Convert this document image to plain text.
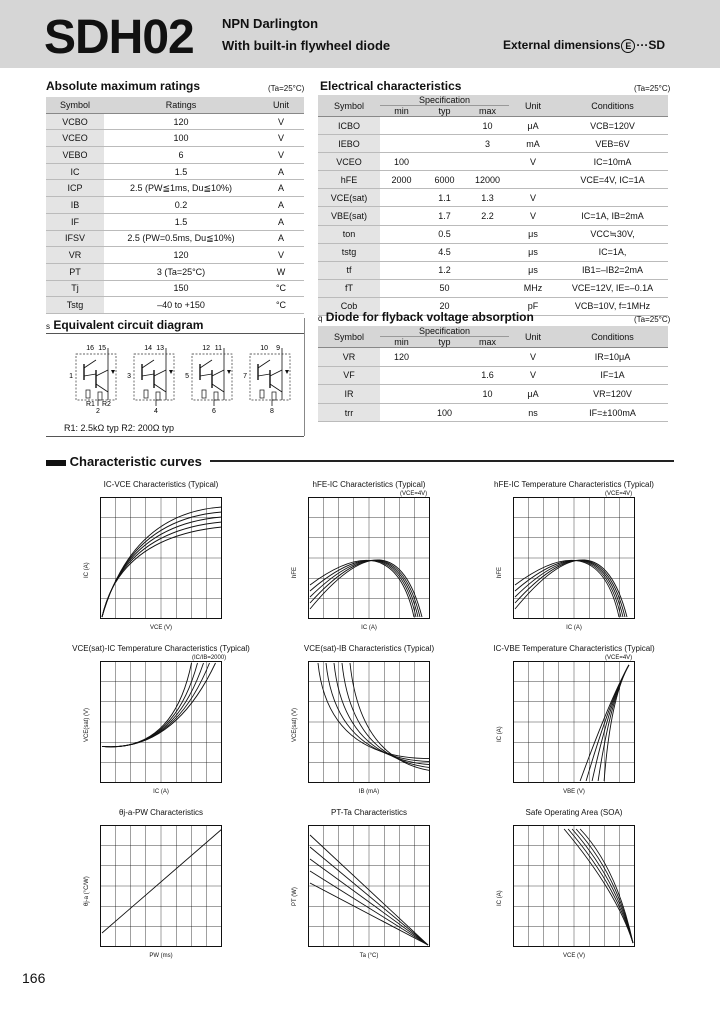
SDH02 NPN Darlington
With built-in flywheel diode	External dimensions E ···SD
Absolute maximum ratings	(Ta=25°C)
Symbol	Ratings	Unit
VCBO	120	V
VCEO	100	V
VEBO	6	V
IC	1.5	A
ICP	2.5 (PW≦1ms, Du≦10%)	A
IB	0.2	A
IF	1.5	A
IFSV	2.5 (PW=0.5ms, Du≦10%)	A
VR	120	V
PT	3 (Ta=25°C)	W
Tj	150	°C
Tstg	–40 to +150	°C
Electrical characteristics	(Ta=25°C)
Symbol	Specification			Unit	Conditions
	min	typ	max		
ICBO			10	μA	VCB=120V
IEBO			3	mA	VEB=6V
VCEO	100			V	IC=10mA
hFE	2000	6000	12000		VCE=4V, IC=1A
VCE(sat)		1.1	1.3	V	
VBE(sat)		1.7	2.2	V	IC=1A, IB=2mA
ton		0.5		μs	VCC≒30V,
tstg		4.5		μs	IC=1A,
tf		1.2		μs	IB1=–IB2=2mA
fT		50		MHz	VCE=12V, IE=–0.1A
Cob		20		pF	VCB=10V, f=1MHz
q Diode for flyback voltage absorption	(Ta=25°C)
Symbol	Specification			Unit	Conditions
	min	typ	max		
VR	120			V	IR=10μA
VF			1.6	V	IF=1A
IR			10	μA	VR=120V
trr		100		ns	IF=±100mA
s Equivalent circuit diagram
16 15
1
2
14 13
3
4
12 11
5
6
10 9
7
8
R1 R2
R1: 2.5kΩ typ R2: 200Ω typ
Characteristic curves
IC-VCE Characteristics (Typical)
VCE (V)
IC (A)
hFE-IC Characteristics (Typical)
(VCE=4V)
IC (A)
hFE
hFE-IC Temperature Characteristics (Typical)
(VCE=4V)
IC (A)
hFE
VCE(sat)-IC Temperature Characteristics (Typical)
(IC/IB=2000)
IC (A)
VCE(sat) (V)
VCE(sat)-IB Characteristics (Typical)
IB (mA)
VCE(sat) (V)
IC-VBE Temperature Characteristics (Typical)
(VCE=4V)
VBE (V)
IC (A)
θj-a-PW Characteristics
PW (ms)
θj-a (°C/W)
PT-Ta Characteristics
Ta (°C)
PT (W)
Safe Operating Area (SOA)
VCE (V)
IC (A)
166
